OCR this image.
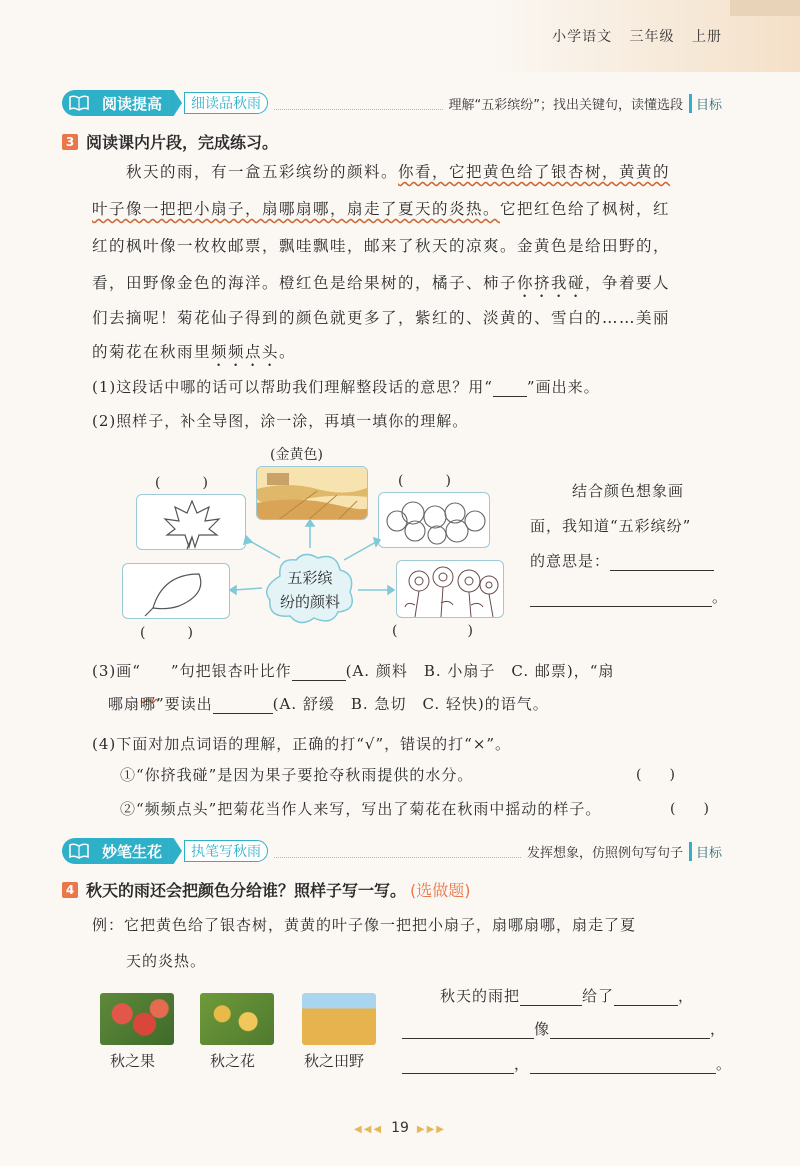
小学语文 三年级 上册
阅读提高	细读品秋雨	理解“五彩缤纷”；找出关键句，读懂选段	目标
3 阅读课内片段，完成练习。
秋天的雨，有一盒五彩缤纷的颜料。你看，它把黄色给了银杏树，黄黄的
叶子像一把把小扇子，扇哪扇哪，扇走了夏天的炎热。它把红色给了枫树，红
红的枫叶像一枚枚邮票，飘哇飘哇，邮来了秋天的凉爽。金黄色是给田野的，
看，田野像金色的海洋。橙红色是给果树的，橘子、柿子你挤我碰，争着要人
们去摘呢！菊花仙子得到的颜色就更多了，紫红的、淡黄的、雪白的……美丽
的菊花在秋雨里频频点头。
(1)这段话中哪的话可以帮助我们理解整段话的意思？用“ ”画出来。
(2)照样子，补全导图，涂一涂，再填一填你的理解。
(金黄色)
(　　　)	(　　　)
五彩缤
纷的颜料
(　　　)	(　　　　　)
结合颜色想象画
面，我知道“五彩缤纷”
的意思是：
。
(3)画“   ”句把银杏叶比作	(A. 颜料　B. 小扇子　C. 邮票)，“扇
哪扇哪”要读出	(A. 舒缓　B. 急切　C. 轻快)的语气。
(4)下面对加点词语的理解，正确的打“√”，错误的打“×”。
①“你挤我碰”是因为果子要抢夺秋雨提供的水分。	(　　)
②“频频点头”把菊花当作人来写，写出了菊花在秋雨中摇动的样子。	(　　)
妙笔生花	执笔写秋雨	发挥想象，仿照例句写句子	目标
4 秋天的雨还会把颜色分给谁？照样子写一写。 (选做题)
例：它把黄色给了银杏树，黄黄的叶子像一把把小扇子，扇哪扇哪，扇走了夏
天的炎热。
秋之果	秋之花	秋之田野
秋天的雨把	给了	，
像	，
，	。
◀◀◀ 19 ▶▶▶
